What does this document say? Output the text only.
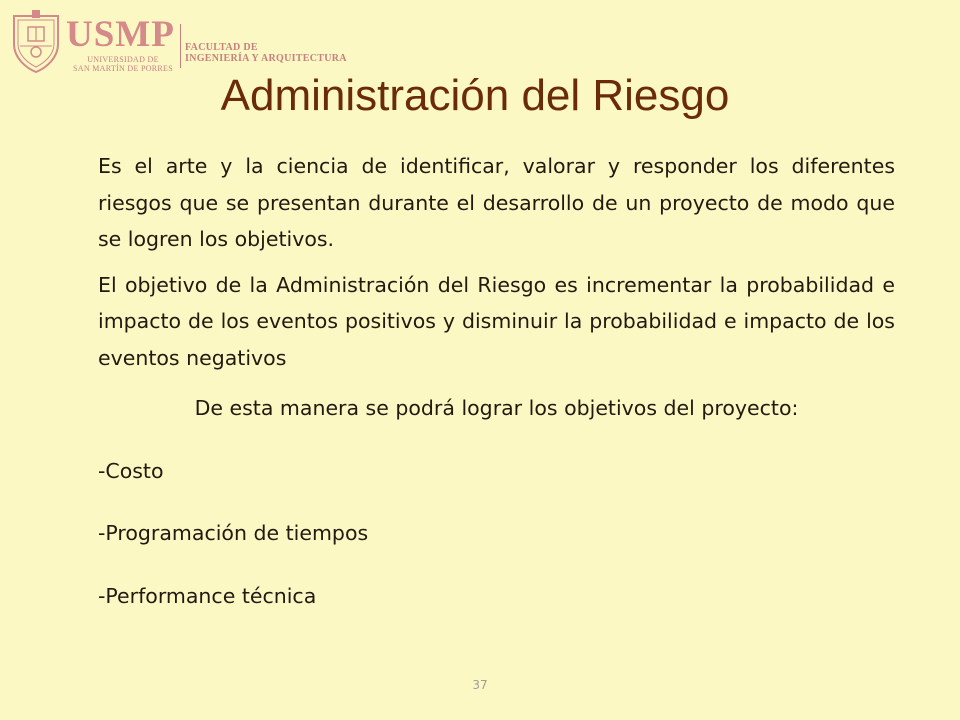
USMP
UNIVERSIDAD DE
SAN MARTÍN DE PORRES
FACULTAD DE
INGENIERÍA Y ARQUITECTURA
Administración del Riesgo

Es el arte y la ciencia de identificar, valorar y responder los diferentes riesgos que se presentan durante el desarrollo de un proyecto de modo que se logren los objetivos.

El objetivo de la Administración del Riesgo es incrementar la probabilidad e impacto de los eventos positivos y disminuir la probabilidad e impacto de los eventos negativos

De esta manera se podrá lograr los objetivos del proyecto:

-Costo

-Programación de tiempos

-Performance técnica

37
